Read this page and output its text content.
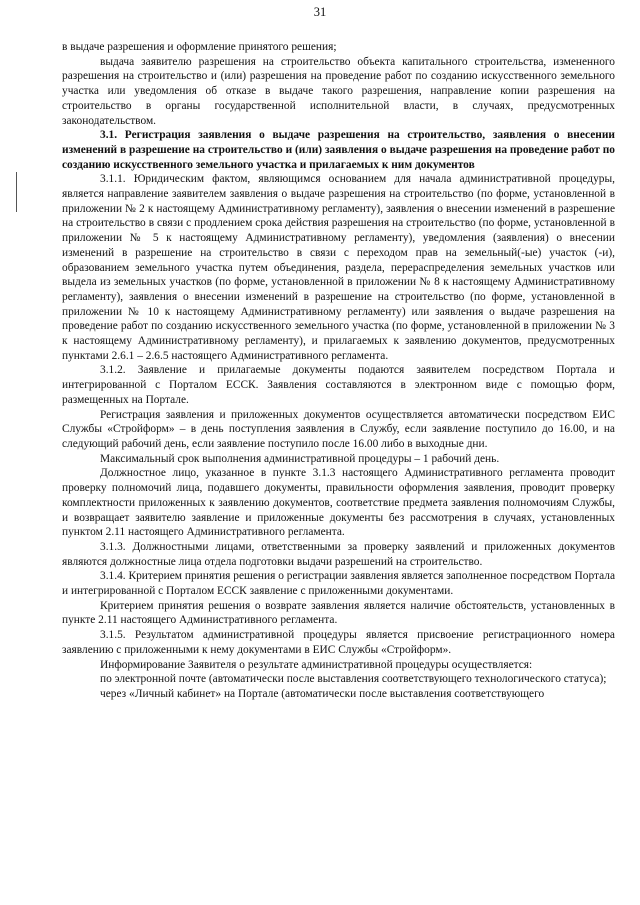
31

в выдаче разрешения и оформление принятого решения;

выдача заявителю разрешения на строительство объекта капитального строительства, измененного разрешения на строительство и (или) разрешения на проведение работ по созданию искусственного земельного участка или уведомления об отказе в выдаче такого разрешения, направление копии разрешения на строительство в органы государственной исполнительной власти, в случаях, предусмотренных законодательством.

3.1. Регистрация заявления о выдаче разрешения на строительство, заявления о внесении изменений в разрешение на строительство и (или) заявления о выдаче разрешения на проведение работ по созданию искусственного земельного участка и прилагаемых к ним документов

3.1.1. Юридическим фактом, являющимся основанием для начала административной процедуры, является направление заявителем заявления о выдаче разрешения на строительство (по форме, установленной в приложении № 2 к настоящему Административному регламенту), заявления о внесении изменений в разрешение на строительство в связи с продлением срока действия разрешения на строительство (по форме, установленной в приложении № 5 к настоящему Административному регламенту), уведомления (заявления) о внесении изменений в разрешение на строительство в связи с переходом прав на земельный(-ые) участок (-и), образованием земельного участка путем объединения, раздела, перераспределения земельных участков или выдела из земельных участков (по форме, установленной в приложении № 8 к настоящему Административному регламенту), заявления о внесении изменений в разрешение на строительство (по форме, установленной в приложении № 10 к настоящему Административному регламенту) или заявления о выдаче разрешения на проведение работ по созданию искусственного земельного участка (по форме, установленной в приложении № 3 к настоящему Административному регламенту), и прилагаемых к заявлению документов, предусмотренных пунктами 2.6.1 – 2.6.5 настоящего Административного регламента.

3.1.2. Заявление и прилагаемые документы подаются заявителем посредством Портала и интегрированной с Порталом ЕССК. Заявления составляются в электронном виде с помощью форм, размещенных на Портале.

Регистрация заявления и приложенных документов осуществляется автоматически посредством ЕИС Службы «Стройформ» – в день поступления заявления в Службу, если заявление поступило до 16.00, и на следующий рабочий день, если заявление поступило после 16.00 либо в выходные дни.

Максимальный срок выполнения административной процедуры – 1 рабочий день.

Должностное лицо, указанное в пункте 3.1.3 настоящего Административного регламента проводит проверку полномочий лица, подавшего документы, правильности оформления заявления, проводит проверку комплектности приложенных к заявлению документов, соответствие предмета заявления полномочиям Службы, и возвращает заявителю заявление и приложенные документы без рассмотрения в случаях, установленных пунктом 2.11 настоящего Административного регламента.

3.1.3. Должностными лицами, ответственными за проверку заявлений и приложенных документов являются должностные лица отдела подготовки выдачи разрешений на строительство.

3.1.4. Критерием принятия решения о регистрации заявления является заполненное посредством Портала и интегрированной с Порталом ЕССК заявление с приложенными документами.

Критерием принятия решения о возврате заявления является наличие обстоятельств, установленных в пункте 2.11 настоящего Административного регламента.

3.1.5. Результатом административной процедуры является присвоение регистрационного номера заявлению с приложенными к нему документами в ЕИС Службы «Стройформ».

Информирование Заявителя о результате административной процедуры осуществляется:

по электронной почте (автоматически после выставления соответствующего технологического статуса);

через «Личный кабинет» на Портале (автоматически после выставления соответствующего
